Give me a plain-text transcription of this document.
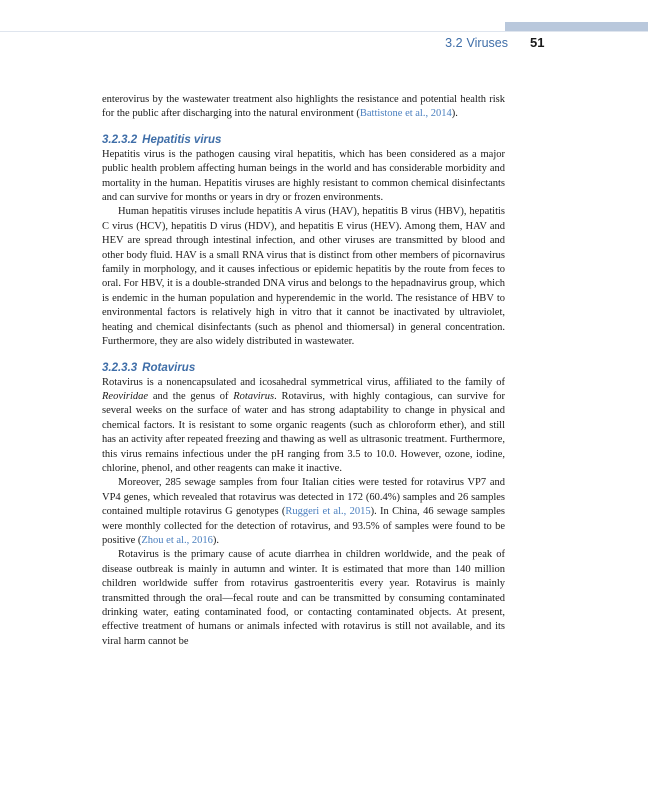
3.2 Viruses 51

enterovirus by the wastewater treatment also highlights the resistance and potential health risk for the public after discharging into the natural environment (Battistone et al., 2014).

3.2.3.2 Hepatitis virus

Hepatitis virus is the pathogen causing viral hepatitis, which has been considered as a major public health problem affecting human beings in the world and has considerable morbidity and mortality in the human. Hepatitis viruses are highly resistant to common chemical disinfectants and can survive for months or years in dry or frozen environments.

Human hepatitis viruses include hepatitis A virus (HAV), hepatitis B virus (HBV), hepatitis C virus (HCV), hepatitis D virus (HDV), and hepatitis E virus (HEV). Among them, HAV and HEV are spread through intestinal infection, and other viruses are transmitted by blood and other body fluid. HAV is a small RNA virus that is distinct from other members of picornavirus family in morphology, and it causes infectious or epidemic hepatitis by the route from feces to oral. For HBV, it is a double-stranded DNA virus and belongs to the hepadnavirus group, which is endemic in the human population and hyperendemic in the world. The resistance of HBV to environmental factors is relatively high in vitro that it cannot be inactivated by ultraviolet, heating and chemical disinfectants (such as phenol and thiomersal) in general concentration. Furthermore, they are also widely distributed in wastewater.

3.2.3.3 Rotavirus

Rotavirus is a nonencapsulated and icosahedral symmetrical virus, affiliated to the family of Reoviridae and the genus of Rotavirus. Rotavirus, with highly contagious, can survive for several weeks on the surface of water and has strong adaptability to change in physical and chemical factors. It is resistant to some organic reagents (such as chloroform ether), and still has an activity after repeated freezing and thawing as well as ultrasonic treatment. Furthermore, this virus remains infectious under the pH ranging from 3.5 to 10.0. However, ozone, iodine, chlorine, phenol, and other reagents can make it inactive.

Moreover, 285 sewage samples from four Italian cities were tested for rotavirus VP7 and VP4 genes, which revealed that rotavirus was detected in 172 (60.4%) samples and 26 samples contained multiple rotavirus G genotypes (Ruggeri et al., 2015). In China, 46 sewage samples were monthly collected for the detection of rotavirus, and 93.5% of samples were found to be positive (Zhou et al., 2016).

Rotavirus is the primary cause of acute diarrhea in children worldwide, and the peak of disease outbreak is mainly in autumn and winter. It is estimated that more than 140 million children worldwide suffer from rotavirus gastroenteritis every year. Rotavirus is mainly transmitted through the oral—fecal route and can be transmitted by consuming contaminated drinking water, eating contaminated food, or contacting contaminated objects. At present, effective treatment of humans or animals infected with rotavirus is still not available, and its viral harm cannot be
